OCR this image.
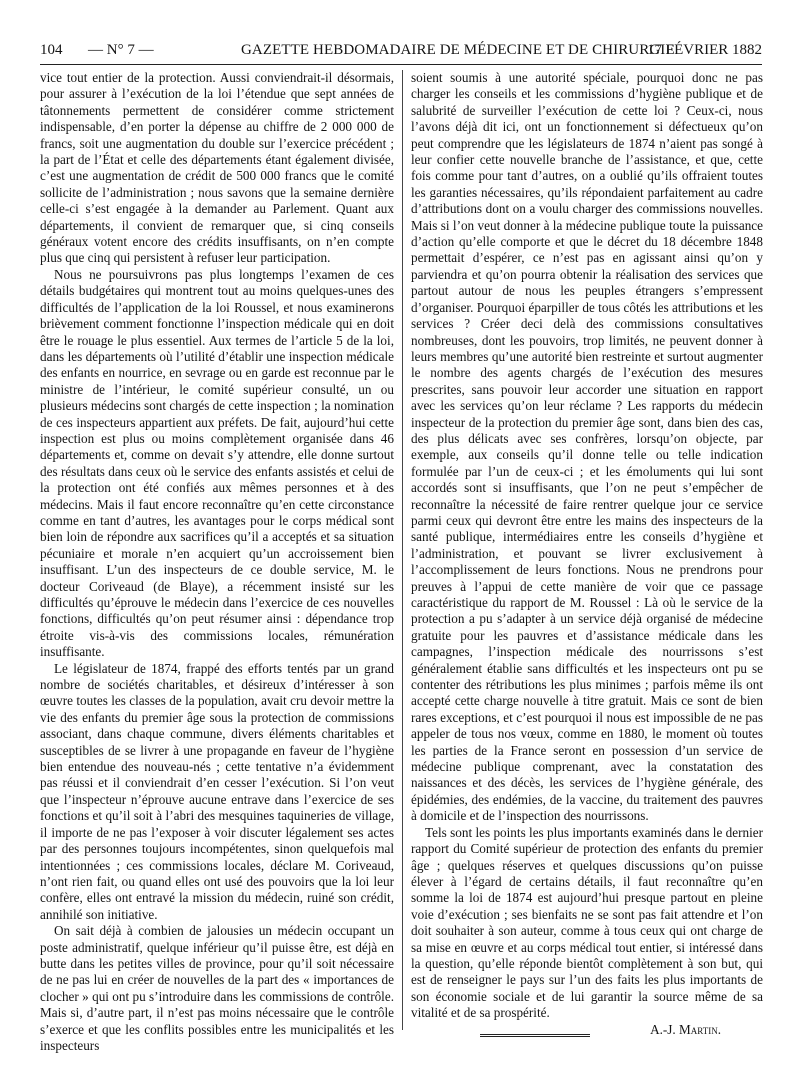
104 — N° 7 —	GAZETTE HEBDOMADAIRE DE MÉDECINE ET DE CHIRURGIE
17 FÉVRIER 1882

vice tout entier de la protection. Aussi conviendrait-il désormais, pour assurer à l’exécution de la loi l’étendue que sept années de tâtonnements permettent de considérer comme strictement indispensable, d’en porter la dépense au chiffre de 2 000 000 de francs, soit une augmentation du double sur l’exercice précédent ; la part de l’État et celle des départements étant également divisée, c’est une augmentation de crédit de 500 000 francs que le comité sollicite de l’administration ; nous savons que la semaine dernière celle-ci s’est engagée à la demander au Parlement. Quant aux départements, il convient de remarquer que, si cinq conseils généraux votent encore des crédits insuffisants, on n’en compte plus que cinq qui persistent à refuser leur participation.

Nous ne poursuivrons pas plus longtemps l’examen de ces détails budgétaires qui montrent tout au moins quelques-unes des difficultés de l’application de la loi Roussel, et nous examinerons brièvement comment fonctionne l’inspection médicale qui en doit être le rouage le plus essentiel. Aux termes de l’article 5 de la loi, dans les départements où l’utilité d’établir une inspection médicale des enfants en nourrice, en sevrage ou en garde est reconnue par le ministre de l’intérieur, le comité supérieur consulté, un ou plusieurs médecins sont chargés de cette inspection ; la nomination de ces inspecteurs appartient aux préfets. De fait, aujourd’hui cette inspection est plus ou moins complètement organisée dans 46 départements et, comme on devait s’y attendre, elle donne surtout des résultats dans ceux où le service des enfants assistés et celui de la protection ont été confiés aux mêmes personnes et à des médecins. Mais il faut encore reconnaître qu’en cette circonstance comme en tant d’autres, les avantages pour le corps médical sont bien loin de répondre aux sacrifices qu’il a acceptés et sa situation pécuniaire et morale n’en acquiert qu’un accroissement bien insuffisant. L’un des inspecteurs de ce double service, M. le docteur Coriveaud (de Blaye), a récemment insisté sur les difficultés qu’éprouve le médecin dans l’exercice de ces nouvelles fonctions, difficultés qu’on peut résumer ainsi : dépendance trop étroite vis-à-vis des commissions locales, rémunération insuffisante.

Le législateur de 1874, frappé des efforts tentés par un grand nombre de sociétés charitables, et désireux d’intéresser à son œuvre toutes les classes de la population, avait cru devoir mettre la vie des enfants du premier âge sous la protection de commissions associant, dans chaque commune, divers éléments charitables et susceptibles de se livrer à une propagande en faveur de l’hygiène bien entendue des nouveau-nés ; cette tentative n’a évidemment pas réussi et il conviendrait d’en cesser l’exécution. Si l’on veut que l’inspecteur n’éprouve aucune entrave dans l’exercice de ses fonctions et qu’il soit à l’abri des mesquines taquineries de village, il importe de ne pas l’exposer à voir discuter légalement ses actes par des personnes toujours incompétentes, sinon quelquefois mal intentionnées ; ces commissions locales, déclare M. Coriveaud, n’ont rien fait, ou quand elles ont usé des pouvoirs que la loi leur confère, elles ont entravé la mission du médecin, ruiné son crédit, annihilé son initiative.

On sait déjà à combien de jalousies un médecin occupant un poste administratif, quelque inférieur qu’il puisse être, est déjà en butte dans les petites villes de province, pour qu’il soit nécessaire de ne pas lui en créer de nouvelles de la part des « importances de clocher » qui ont pu s’introduire dans les commissions de contrôle. Mais si, d’autre part, il n’est pas moins nécessaire que le contrôle s’exerce et que les conflits possibles entre les municipalités et les inspecteurs

soient soumis à une autorité spéciale, pourquoi donc ne pas charger les conseils et les commissions d’hygiène publique et de salubrité de surveiller l’exécution de cette loi ? Ceux-ci, nous l’avons déjà dit ici, ont un fonctionnement si défectueux qu’on peut comprendre que les législateurs de 1874 n’aient pas songé à leur confier cette nouvelle branche de l’assistance, et que, cette fois comme pour tant d’autres, on a oublié qu’ils offraient toutes les garanties nécessaires, qu’ils répondaient parfaitement au cadre d’attributions dont on a voulu charger des commissions nouvelles. Mais si l’on veut donner à la médecine publique toute la puissance d’action qu’elle comporte et que le décret du 18 décembre 1848 permettait d’espérer, ce n’est pas en agissant ainsi qu’on y parviendra et qu’on pourra obtenir la réalisation des services que partout autour de nous les peuples étrangers s’empressent d’organiser. Pourquoi éparpiller de tous côtés les attributions et les services ? Créer deci delà des commissions consultatives nombreuses, dont les pouvoirs, trop limités, ne peuvent donner à leurs membres qu’une autorité bien restreinte et surtout augmenter le nombre des agents chargés de l’exécution des mesures prescrites, sans pouvoir leur accorder une situation en rapport avec les services qu’on leur réclame ? Les rapports du médecin inspecteur de la protection du premier âge sont, dans bien des cas, des plus délicats avec ses confrères, lorsqu’on objecte, par exemple, aux conseils qu’il donne telle ou telle indication formulée par l’un de ceux-ci ; et les émoluments qui lui sont accordés sont si insuffisants, que l’on ne peut s’empêcher de reconnaître la nécessité de faire rentrer quelque jour ce service parmi ceux qui devront être entre les mains des inspecteurs de la santé publique, intermédiaires entre les conseils d’hygiène et l’administration, et pouvant se livrer exclusivement à l’accomplissement de leurs fonctions. Nous ne prendrons pour preuves à l’appui de cette manière de voir que ce passage caractéristique du rapport de M. Roussel : Là où le service de la protection a pu s’adapter à un service déjà organisé de médecine gratuite pour les pauvres et d’assistance médicale dans les campagnes, l’inspection médicale des nourrissons s’est généralement établie sans difficultés et les inspecteurs ont pu se contenter des rétributions les plus minimes ; parfois même ils ont accepté cette charge nouvelle à titre gratuit. Mais ce sont de bien rares exceptions, et c’est pourquoi il nous est impossible de ne pas appeler de tous nos vœux, comme en 1880, le moment où toutes les parties de la France seront en possession d’un service de médecine publique comprenant, avec la constatation des naissances et des décès, les services de l’hygiène générale, des épidémies, des endémies, de la vaccine, du traitement des pauvres à domicile et de l’inspection des nourrissons.

Tels sont les points les plus importants examinés dans le dernier rapport du Comité supérieur de protection des enfants du premier âge ; quelques réserves et quelques discussions qu’on puisse élever à l’égard de certains détails, il faut reconnaître qu’en somme la loi de 1874 est aujourd’hui presque partout en pleine voie d’exécution ; ses bienfaits ne se sont pas fait attendre et l’on doit souhaiter à son auteur, comme à tous ceux qui ont charge de sa mise en œuvre et au corps médical tout entier, si intéressé dans la question, qu’elle réponde bientôt complètement à son but, qui est de renseigner le pays sur l’un des faits les plus importants de son économie sociale et de lui garantir la source même de sa vitalité et de sa prospérité.

A.-J. Martin.
